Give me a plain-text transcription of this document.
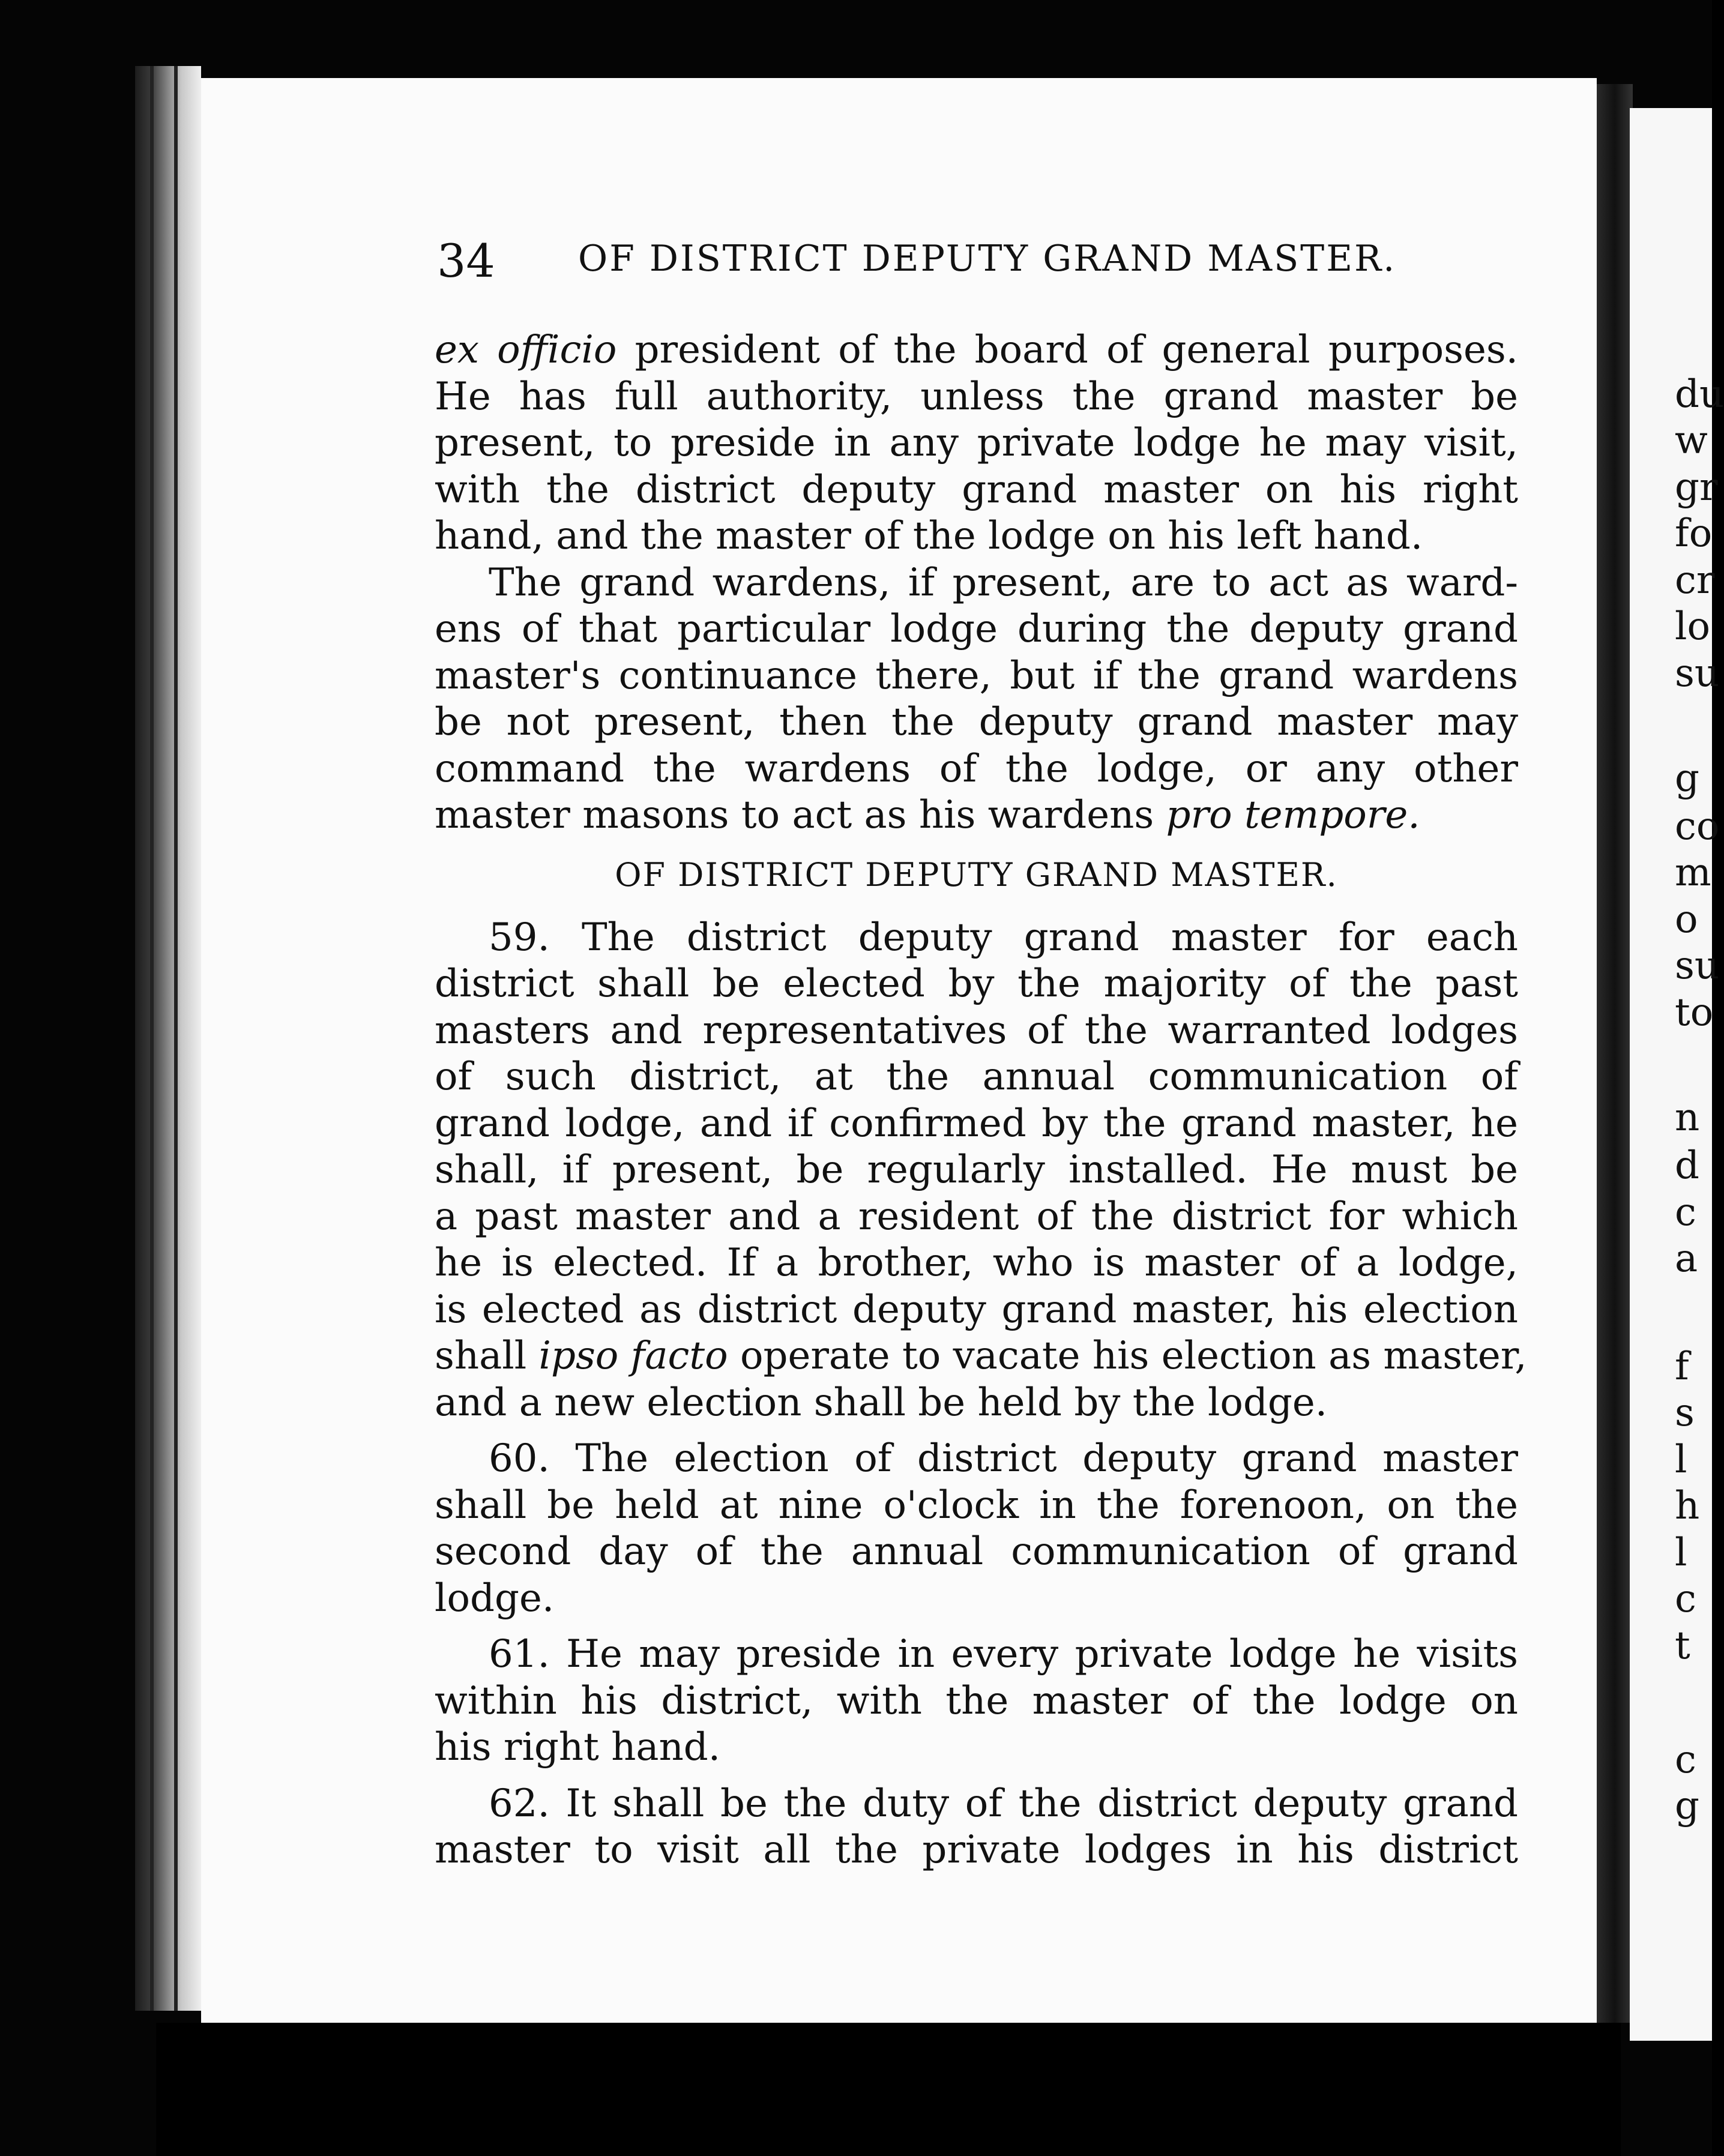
du
w
gr
fo
cr
lo
su
g
co
m
o
su
to
n
d
c
a
f
s
l
h
l
c
t
c
g
34 OF DISTRICT DEPUTY GRAND MASTER.
ex officio president of the board of general purposes.
He has full authority, unless the grand master be
present, to preside in any private lodge he may visit,
with the district deputy grand master on his right
hand, and the master of the lodge on his left hand.
The grand wardens, if present, are to act as ward-
ens of that particular lodge during the deputy grand
master's continuance there, but if the grand wardens
be not present, then the deputy grand master may
command the wardens of the lodge, or any other
master masons to act as his wardens pro tempore.
OF DISTRICT DEPUTY GRAND MASTER.
59. The district deputy grand master for each
district shall be elected by the majority of the past
masters and representatives of the warranted lodges
of such district, at the annual communication of
grand lodge, and if confirmed by the grand master, he
shall, if present, be regularly installed. He must be
a past master and a resident of the district for which
he is elected. If a brother, who is master of a lodge,
is elected as district deputy grand master, his election
shall ipso facto operate to vacate his election as master,
and a new election shall be held by the lodge.
60. The election of district deputy grand master
shall be held at nine o'clock in the forenoon, on the
second day of the annual communication of grand
lodge.
61. He may preside in every private lodge he visits
within his district, with the master of the lodge on
his right hand.
62. It shall be the duty of the district deputy grand
master to visit all the private lodges in his district
